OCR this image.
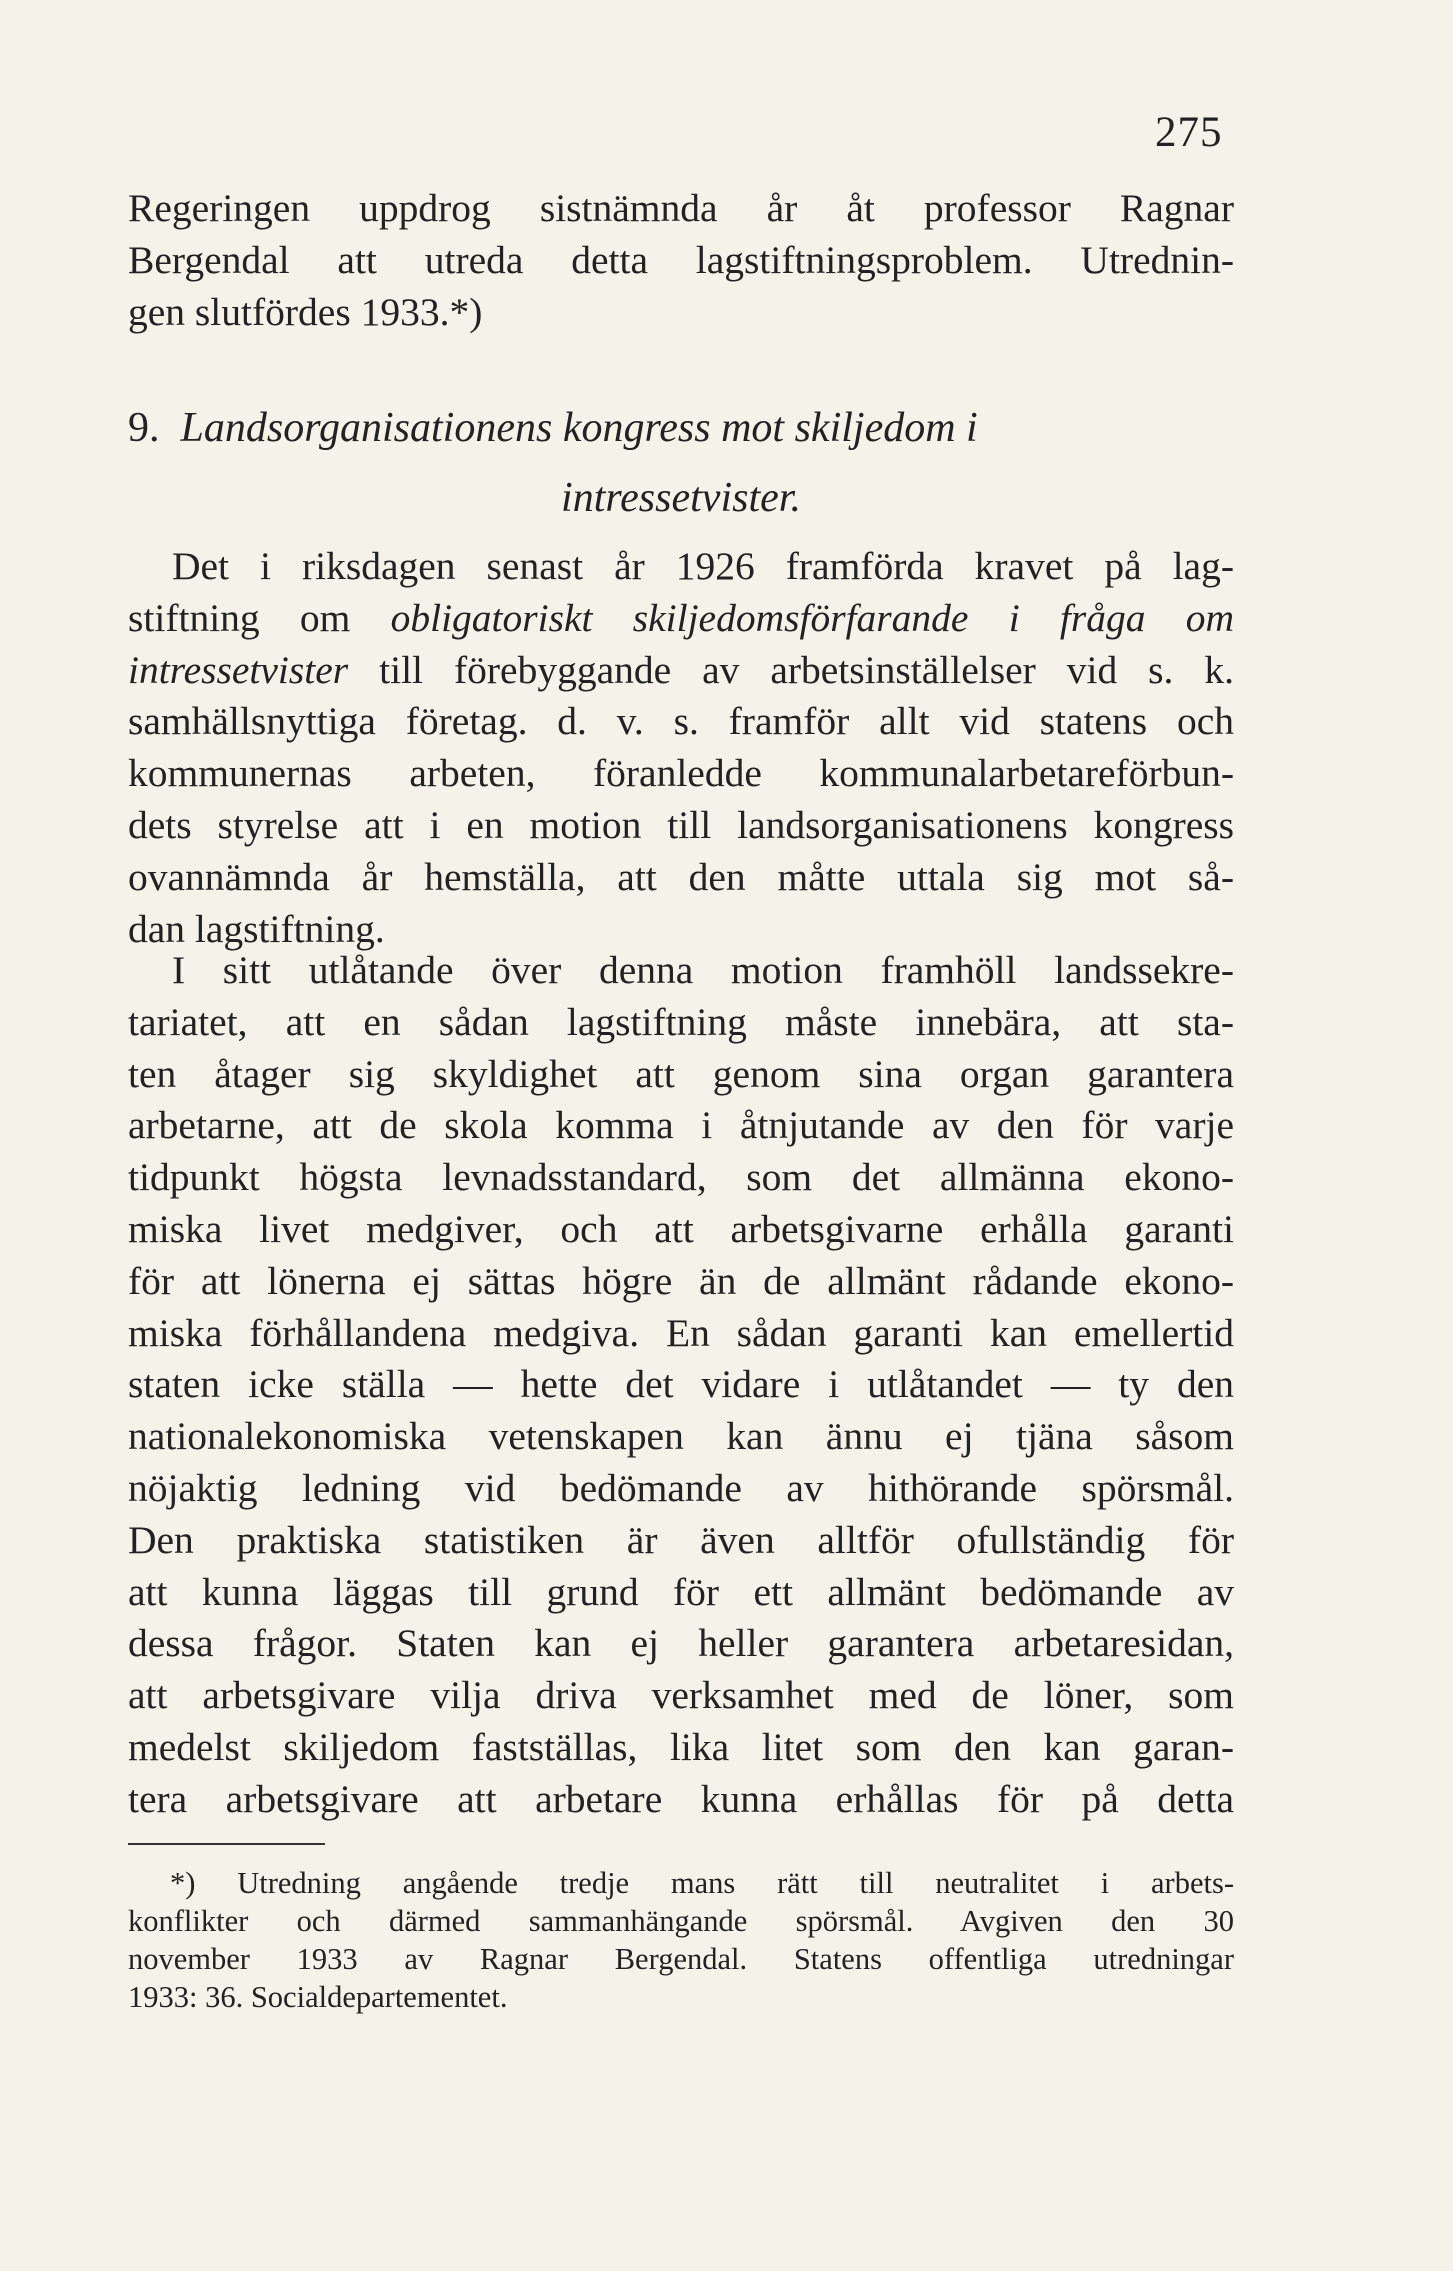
275
Regeringen uppdrog sistnämnda år åt professor Ragnar
Bergendal att utreda detta lagstiftningsproblem. Utrednin-
gen slutfördes 1933.*)
9. Landsorganisationens kongress mot skiljedom i
intressetvister.
Det i riksdagen senast år 1926 framförda kravet på lag-
stiftning om obligatoriskt skiljedomsförfarande i fråga om
intressetvister till förebyggande av arbetsinställelser vid s. k.
samhällsnyttiga företag. d. v. s. framför allt vid statens och
kommunernas arbeten, föranledde kommunalarbetareförbun-
dets styrelse att i en motion till landsorganisationens kongress
ovannämnda år hemställa, att den måtte uttala sig mot så-
dan lagstiftning.
I sitt utlåtande över denna motion framhöll landssekre-
tariatet, att en sådan lagstiftning måste innebära, att sta-
ten åtager sig skyldighet att genom sina organ garantera
arbetarne, att de skola komma i åtnjutande av den för varje
tidpunkt högsta levnadsstandard, som det allmänna ekono-
miska livet medgiver, och att arbetsgivarne erhålla garanti
för att lönerna ej sättas högre än de allmänt rådande ekono-
miska förhållandena medgiva. En sådan garanti kan emellertid
staten icke ställa — hette det vidare i utlåtandet — ty den
nationalekonomiska vetenskapen kan ännu ej tjäna såsom
nöjaktig ledning vid bedömande av hithörande spörsmål.
Den praktiska statistiken är även alltför ofullständig för
att kunna läggas till grund för ett allmänt bedömande av
dessa frågor. Staten kan ej heller garantera arbetaresidan,
att arbetsgivare vilja driva verksamhet med de löner, som
medelst skiljedom fastställas, lika litet som den kan garan-
tera arbetsgivare att arbetare kunna erhållas för på detta
*) Utredning angående tredje mans rätt till neutralitet i arbets-
konflikter och därmed sammanhängande spörsmål. Avgiven den 30
november 1933 av Ragnar Bergendal. Statens offentliga utredningar
1933: 36. Socialdepartementet.
